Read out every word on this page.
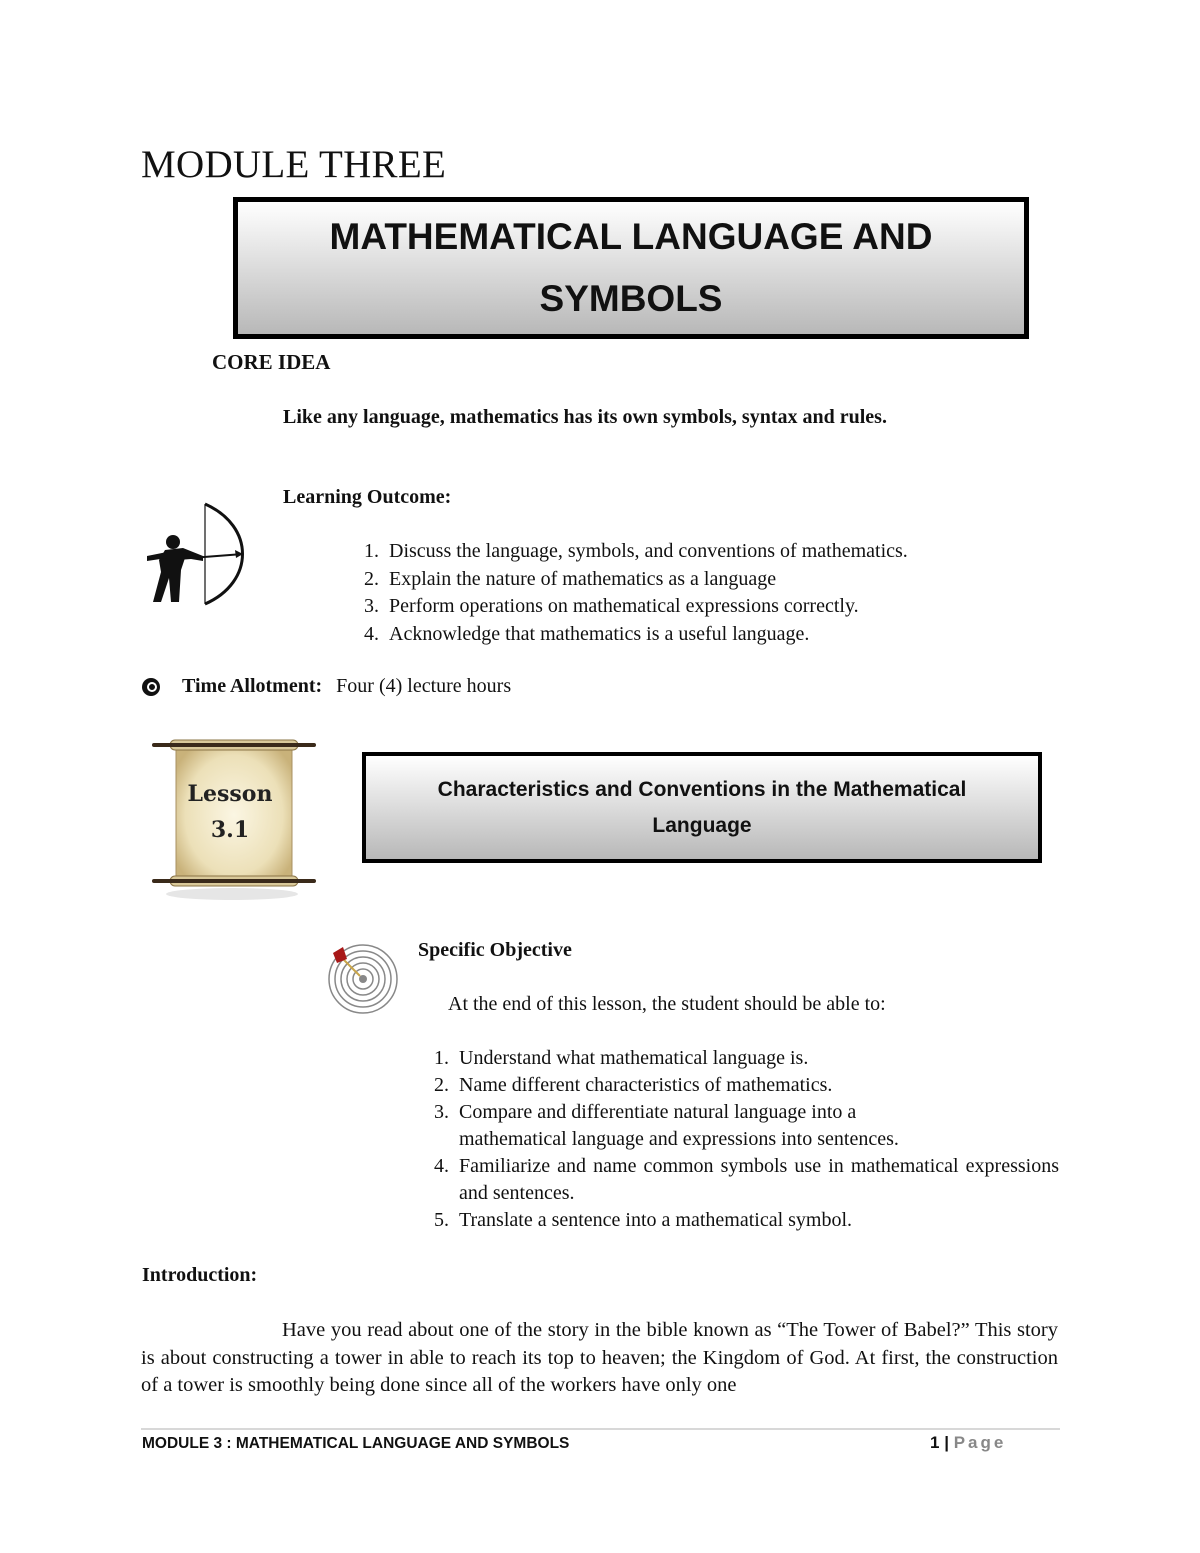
MODULE THREE
MATHEMATICAL LANGUAGE AND SYMBOLS
CORE IDEA
Like any language, mathematics has its own symbols, syntax and rules.
Learning Outcome:
1. Discuss the language, symbols, and conventions of mathematics.
2. Explain the nature of mathematics as a language
3. Perform operations on mathematical expressions correctly.
4. Acknowledge that mathematics is a useful language.
Time Allotment: Four (4) lecture hours
Lesson
3.1
Characteristics and Conventions in the Mathematical Language
Specific Objective
At the end of this lesson, the student should be able to:
1. Understand what mathematical language is.
2. Name different characteristics of mathematics.
3. Compare and differentiate natural language into a mathematical language and expressions into sentences.
4. Familiarize and name common symbols use in mathematical expressions and sentences.
5. Translate a sentence into a mathematical symbol.
Introduction:

Have you read about one of the story in the bible known as “The Tower of Babel?” This story is about constructing a tower in able to reach its top to heaven; the Kingdom of God. At first, the construction of a tower is smoothly being done since all of the workers have only one

MODULE 3 : MATHEMATICAL LANGUAGE AND SYMBOLS	1 | Page
